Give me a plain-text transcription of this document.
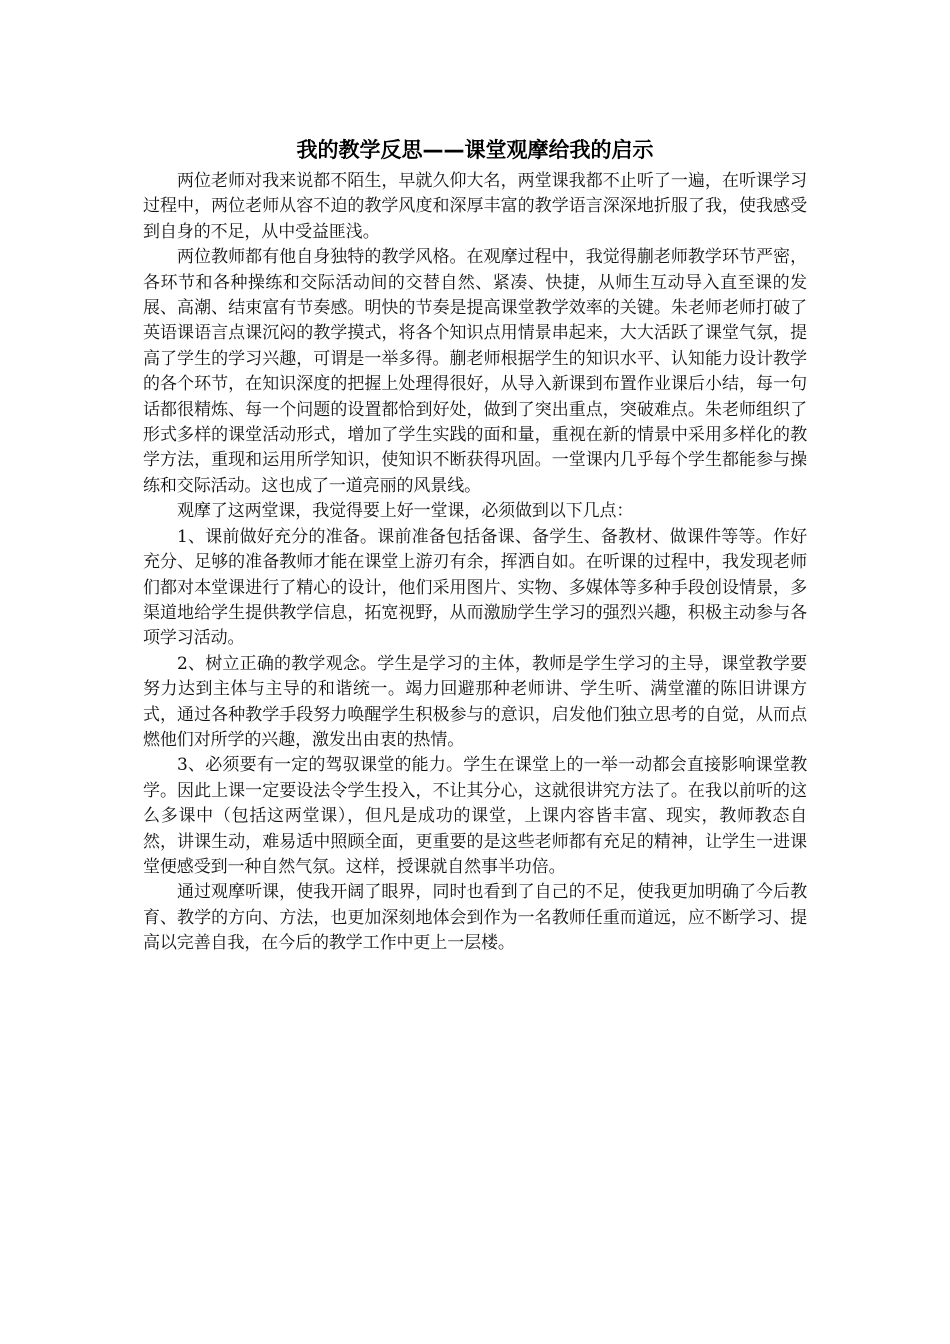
我的教学反思——课堂观摩给我的启示

两位老师对我来说都不陌生，早就久仰大名，两堂课我都不止听了一遍，在听课学习过程中，两位老师从容不迫的教学风度和深厚丰富的教学语言深深地折服了我，使我感受到自身的不足，从中受益匪浅。

两位教师都有他自身独特的教学风格。在观摩过程中，我觉得蒯老师教学环节严密，各环节和各种操练和交际活动间的交替自然、紧凑、快捷，从师生互动导入直至课的发展、高潮、结束富有节奏感。明快的节奏是提高课堂教学效率的关键。朱老师老师打破了英语课语言点课沉闷的教学摸式，将各个知识点用情景串起来，大大活跃了课堂气氛，提高了学生的学习兴趣，可谓是一举多得。蒯老师根据学生的知识水平、认知能力设计教学的各个环节，在知识深度的把握上处理得很好，从导入新课到布置作业课后小结，每一句话都很精炼、每一个问题的设置都恰到好处，做到了突出重点，突破难点。朱老师组织了形式多样的课堂活动形式，增加了学生实践的面和量，重视在新的情景中采用多样化的教学方法，重现和运用所学知识，使知识不断获得巩固。一堂课内几乎每个学生都能参与操练和交际活动。这也成了一道亮丽的风景线。

观摩了这两堂课，我觉得要上好一堂课，必须做到以下几点：

1、课前做好充分的准备。课前准备包括备课、备学生、备教材、做课件等等。作好充分、足够的准备教师才能在课堂上游刃有余，挥洒自如。在听课的过程中，我发现老师们都对本堂课进行了精心的设计，他们采用图片、实物、多媒体等多种手段创设情景，多渠道地给学生提供教学信息，拓宽视野，从而激励学生学习的强烈兴趣，积极主动参与各项学习活动。

2、树立正确的教学观念。学生是学习的主体，教师是学生学习的主导，课堂教学要努力达到主体与主导的和谐统一。竭力回避那种老师讲、学生听、满堂灌的陈旧讲课方式，通过各种教学手段努力唤醒学生积极参与的意识，启发他们独立思考的自觉，从而点燃他们对所学的兴趣，激发出由衷的热情。

3、必须要有一定的驾驭课堂的能力。学生在课堂上的一举一动都会直接影响课堂教学。因此上课一定要设法令学生投入，不让其分心，这就很讲究方法了。在我以前听的这么多课中（包括这两堂课），但凡是成功的课堂，上课内容皆丰富、现实，教师教态自然，讲课生动，难易适中照顾全面，更重要的是这些老师都有充足的精神，让学生一进课堂便感受到一种自然气氛。这样，授课就自然事半功倍。

通过观摩听课，使我开阔了眼界，同时也看到了自己的不足，使我更加明确了今后教育、教学的方向、方法，也更加深刻地体会到作为一名教师任重而道远，应不断学习、提高以完善自我，在今后的教学工作中更上一层楼。
